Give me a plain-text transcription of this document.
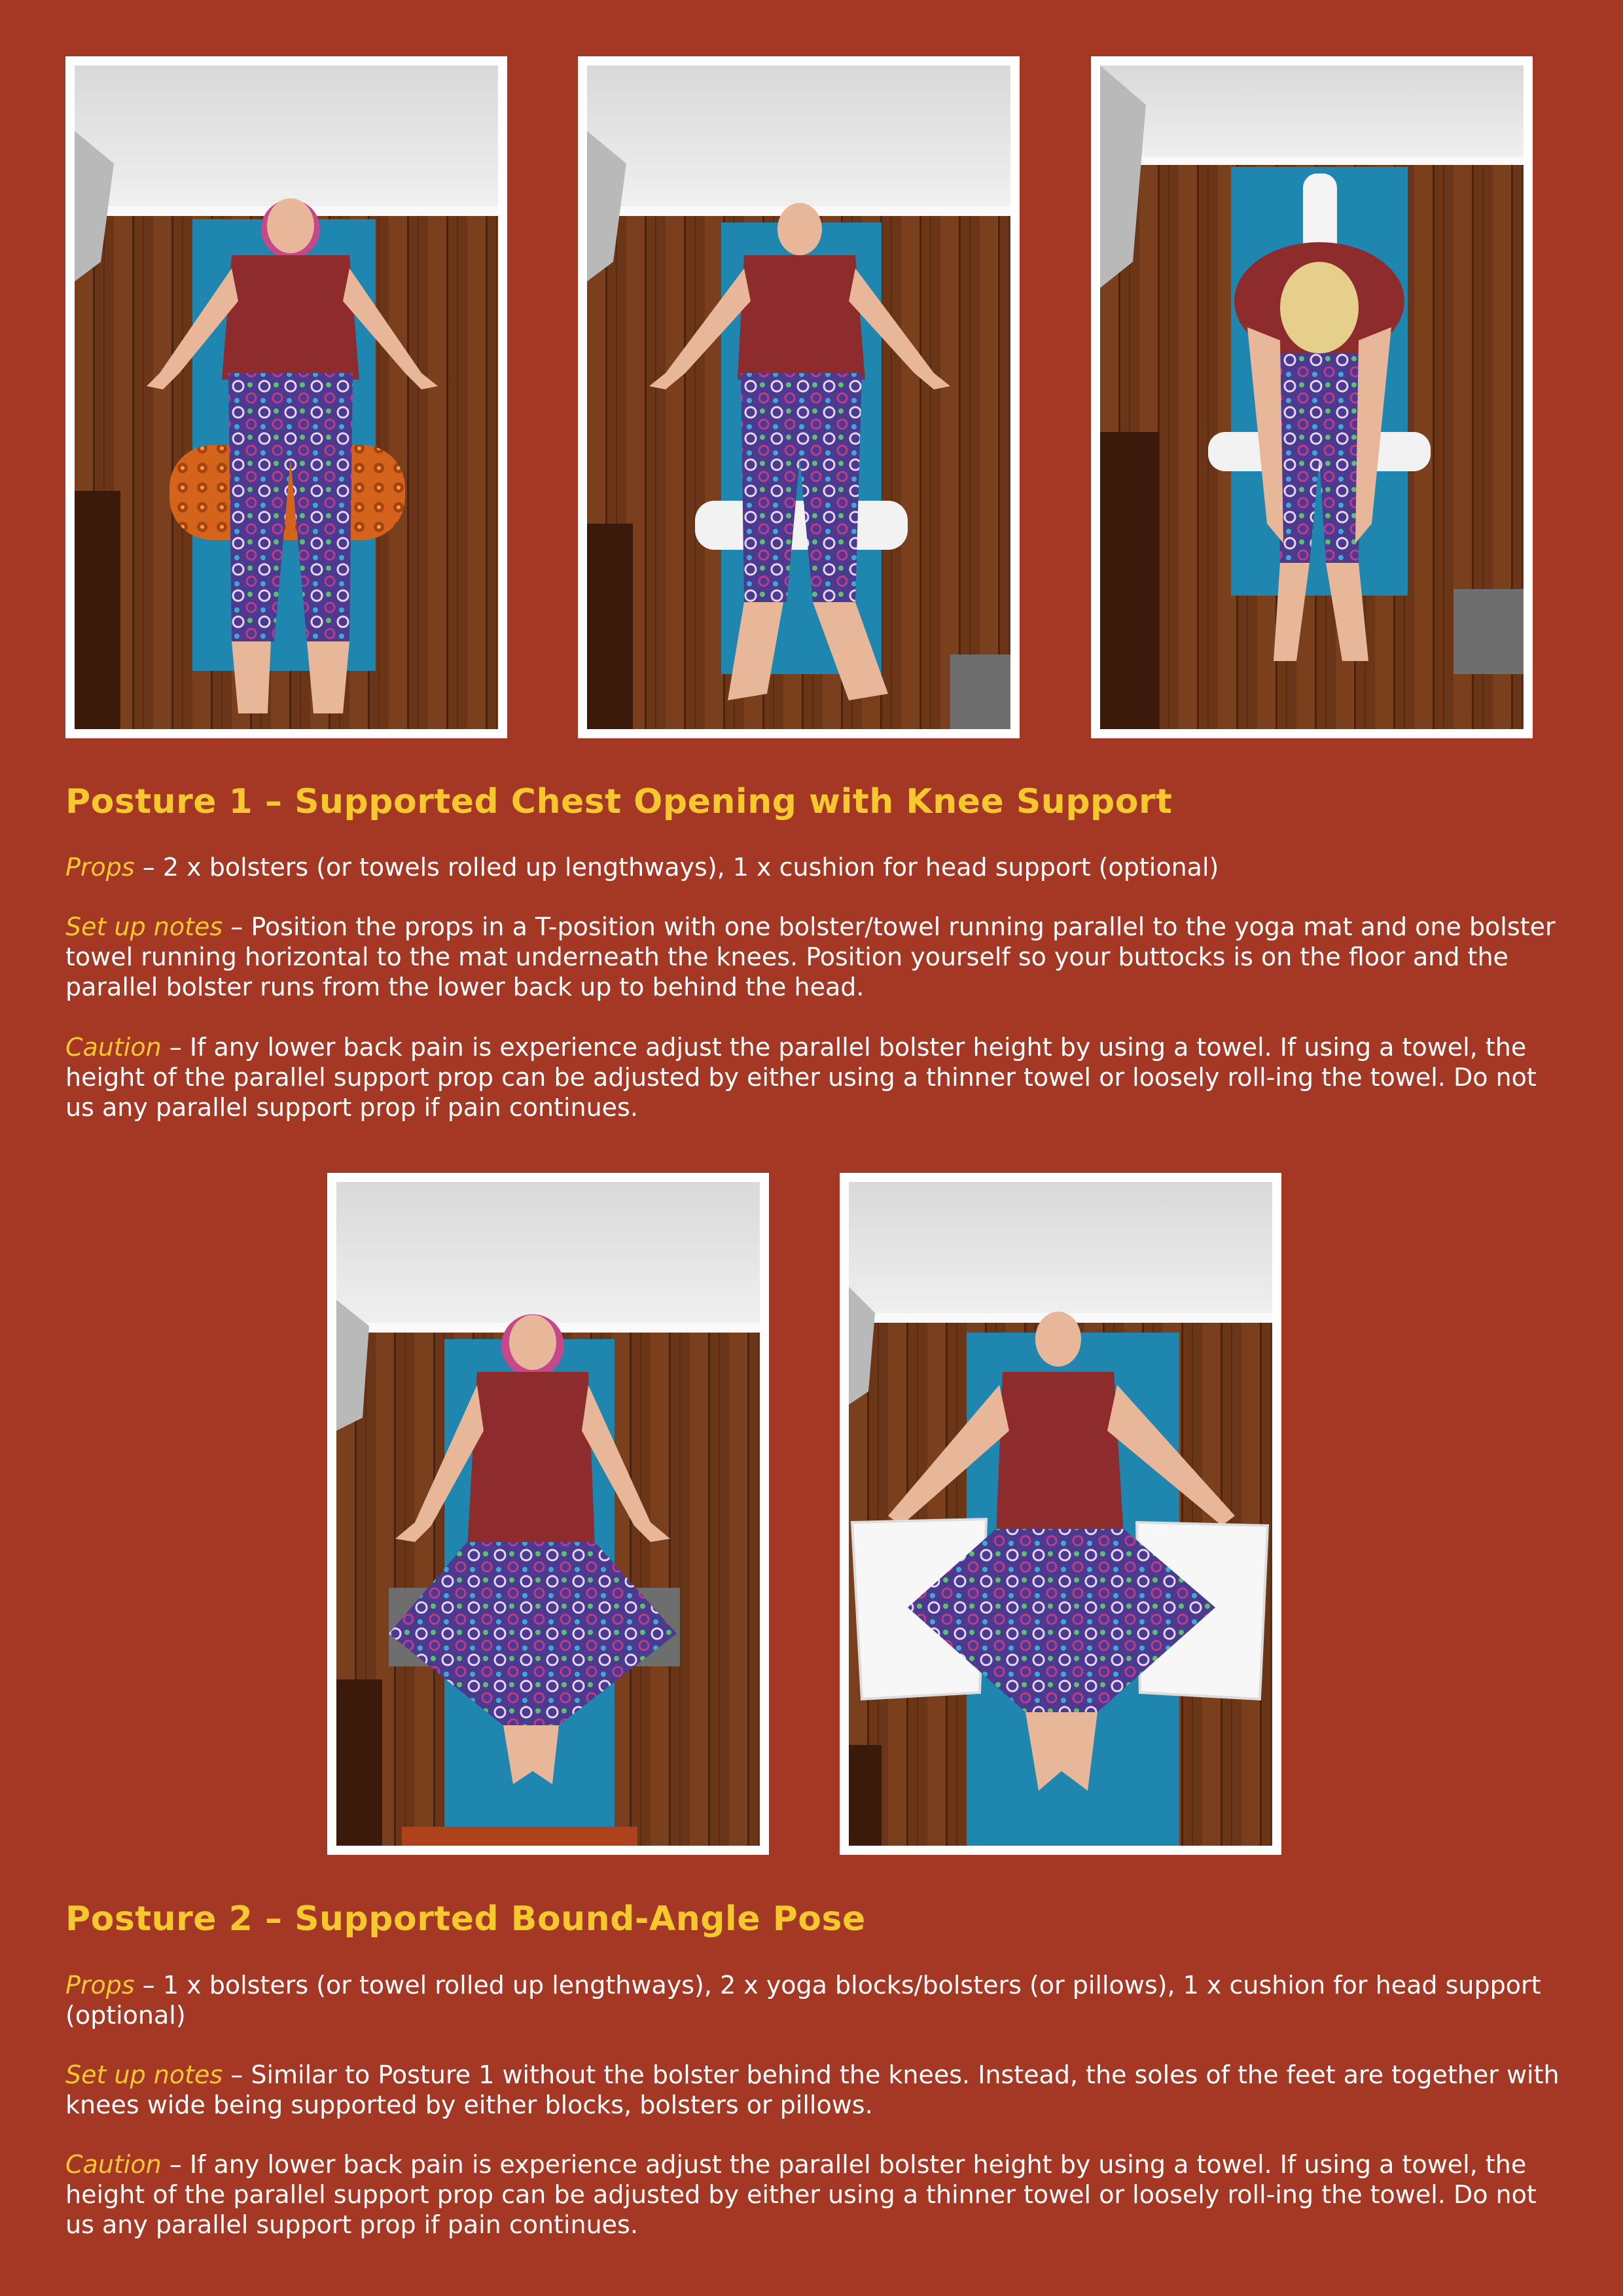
Posture 1 – Supported Chest Opening with Knee Support

Props – 2 x bolsters (or towels rolled up lengthways), 1 x cushion for head support (optional)

Set up notes – Position the props in a T-position with one bolster/towel running parallel to the yoga mat and one bolster towel running horizontal to the mat underneath the knees. Position yourself so your buttocks is on the floor and the parallel bolster runs from the lower back up to behind the head.

Caution – If any lower back pain is experience adjust the parallel bolster height by using a towel. If using a towel, the height of the parallel support prop can be adjusted by either using a thinner towel or loosely roll-ing the towel. Do not us any parallel support prop if pain continues.

Posture 2 – Supported Bound-Angle Pose

Props – 1 x bolsters (or towel rolled up lengthways), 2 x yoga blocks/bolsters (or pillows), 1 x cushion for head support (optional)

Set up notes – Similar to Posture 1 without the bolster behind the knees. Instead, the soles of the feet are together with knees wide being supported by either blocks, bolsters or pillows.

Caution – If any lower back pain is experience adjust the parallel bolster height by using a towel. If using a towel, the height of the parallel support prop can be adjusted by either using a thinner towel or loosely roll-ing the towel. Do not us any parallel support prop if pain continues.
